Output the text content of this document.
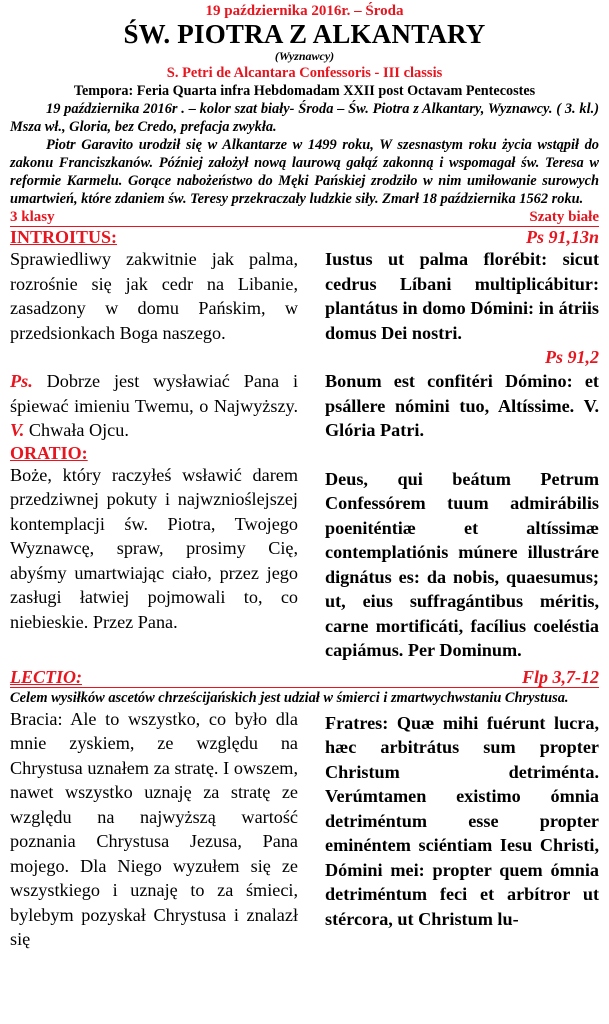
19 października 2016r. – Środa
ŚW. PIOTRA Z ALKANTARY
(Wyznawcy)
S. Petri de Alcantara Confessoris - III classis
Tempora: Feria Quarta infra Hebdomadam XXII post Octavam Pentecostes

19 października 2016r . – kolor szat biały- Środa – Św. Piotra z Alkantary, Wyznawcy. ( 3. kl.) Msza wł., Gloria, bez Credo, prefacja zwykła.

Piotr Garavito urodził się w Alkantarze w 1499 roku, W szesnastym roku życia wstąpił do zakonu Franciszkanów. Później założył nową laurową gałąź zakonną i wspomagał św. Teresa w reformie Karmelu. Gorące nabożeństwo do Męki Pańskiej zrodziło w nim umiłowanie surowych umartwień, które zdaniem św. Teresy przekraczały ludzkie siły. Zmarł 18 października 1562 roku.

3 klasy	Szaty białe
INTROITUS:	Ps 91,13n

Sprawiedliwy zakwitnie jak palma, rozrośnie się jak cedr na Libanie, zasadzony w domu Pańskim, w przedsionkach Boga naszego.

Ps. Dobrze jest wysławiać Pana i śpiewać imieniu Twemu, o Najwyższy. V. Chwała Ojcu.

Iustus ut palma florébit: sicut cedrus Líbani multiplicábitur: plantátus in domo Dómini: in átriis domus Dei nostri.

Ps 91,2

Bonum est confitéri Dómino: et psállere nómini tuo, Altíssime. V. Glória Patri.

ORATIO:

Boże, który raczyłeś wsławić darem przedziwnej pokuty i najwznioślejszej kontemplacji św. Piotra, Twojego Wyznawcę, spraw, prosimy Cię, abyśmy umartwiając ciało, przez jego zasługi łatwiej pojmowali to, co niebieskie. Przez Pana.

Deus, qui beátum Petrum Confessórem tuum admirábilis poeniténtiæ et altíssimæ contemplatiónis múnere illustráre dignátus es: da nobis, quaesumus; ut, eius suffragántibus méritis, carne mortificáti, facílius coeléstia capiámus. Per Dominum.

LECTIO:	Flp 3,7-12

Celem wysiłków ascetów chrześcijańskich jest udział w śmierci i zmartwychwstaniu Chrystusa.

Bracia: Ale to wszystko, co było dla mnie zyskiem, ze względu na Chrystusa uznałem za stratę. I owszem, nawet wszystko uznaję za stratę ze względu na najwyższą wartość poznania Chrystusa Jezusa, Pana mojego. Dla Niego wyzułem się ze wszystkiego i uznaję to za śmieci, bylebym pozyskał Chrystusa i znalazł się

Fratres: Quæ mihi fuérunt lucra, hæc arbitrátus sum propter Christum detriménta. Verúmtamen existimo ómnia detriméntum esse propter eminéntem sciéntiam Iesu Christi, Dómini mei: propter quem ómnia detriméntum feci et arbítror ut stércora, ut Christum lu-
